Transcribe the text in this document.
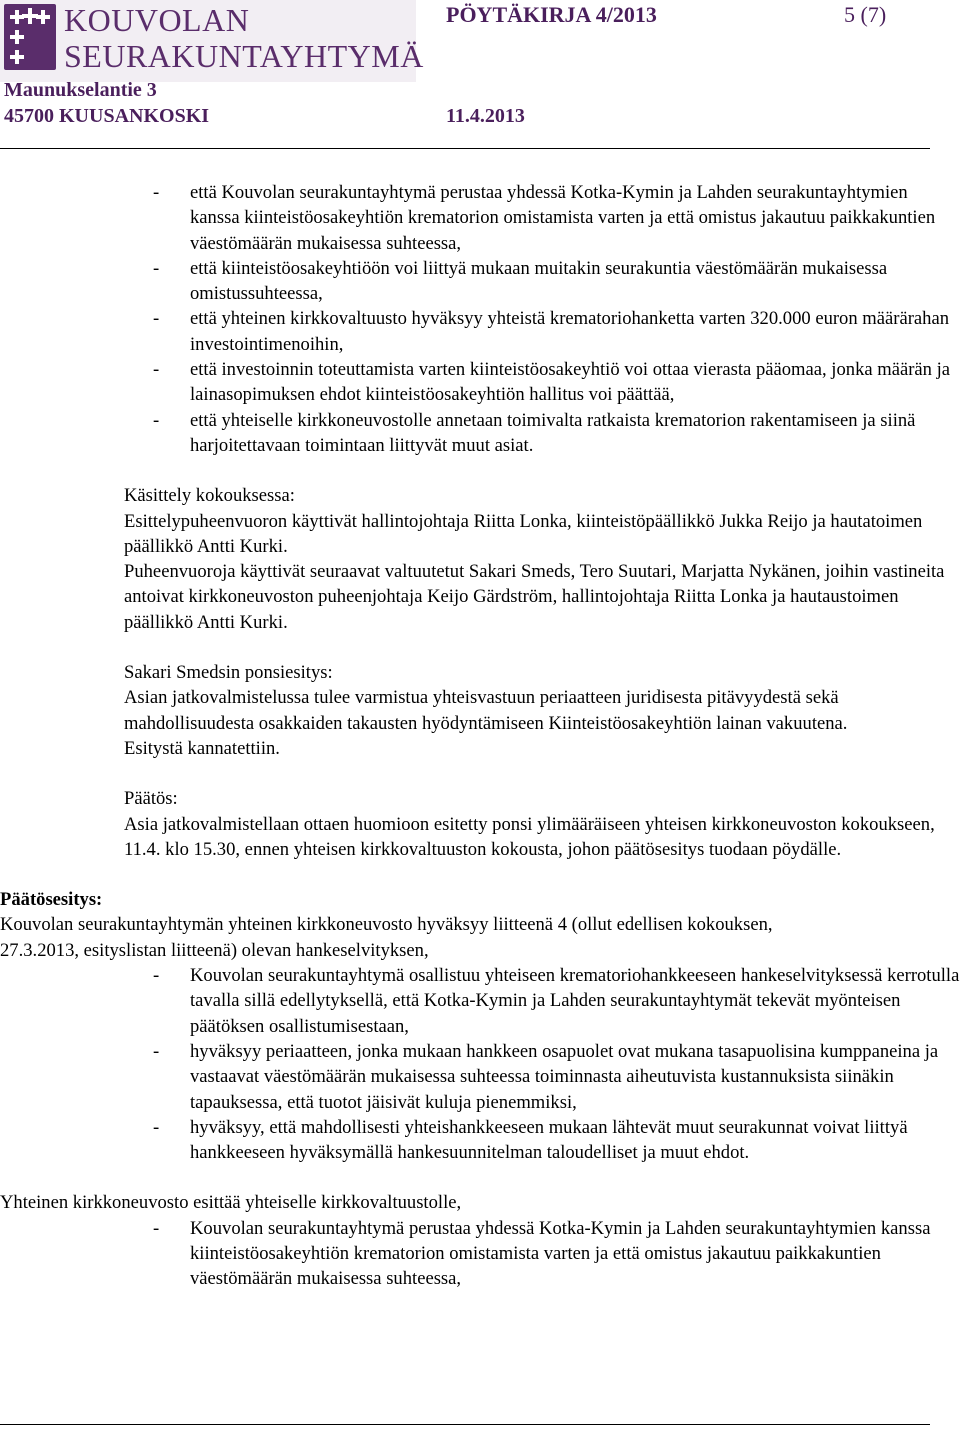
KOUVOLAN
SEURAKUNTAYHTYMÄ
Maunukselantie 3
45700 KUUSANKOSKI
PÖYTÄKIRJA 4/2013	5 (7)
11.4.2013

- että Kouvolan seurakuntayhtymä perustaa yhdessä Kotka-Kymin ja Lahden seurakuntayhtymien kanssa kiinteistöosakeyhtiön krematorion omistamista varten ja että omistus jakautuu paikkakuntien väestömäärän mukaisessa suhteessa,

- että kiinteistöosakeyhtiöön voi liittyä mukaan muitakin seurakuntia väestömäärän mukaisessa omistussuhteessa,

- että yhteinen kirkkovaltuusto hyväksyy yhteistä krematoriohanketta varten 320.000 euron määrärahan investointimenoihin,

- että investoinnin toteuttamista varten kiinteistöosakeyhtiö voi ottaa vierasta pääomaa, jonka määrän ja lainasopimuksen ehdot kiinteistöosakeyhtiön hallitus voi päättää,

- että yhteiselle kirkkoneuvostolle annetaan toimivalta ratkaista krematorion rakentamiseen ja siinä harjoitettavaan toimintaan liittyvät muut asiat.

Käsittely kokouksessa:

Esittelypuheenvuoron käyttivät hallintojohtaja Riitta Lonka, kiinteistöpäällikkö Jukka Reijo ja hautatoimen päällikkö Antti Kurki.

Puheenvuoroja käyttivät seuraavat valtuutetut Sakari Smeds, Tero Suutari, Marjatta Nykänen, joihin vastineita antoivat kirkkoneuvoston puheenjohtaja Keijo Gärdström, hallintojohtaja Riitta Lonka ja hautaustoimen päällikkö Antti Kurki.

Sakari Smedsin ponsiesitys:

Asian jatkovalmistelussa tulee varmistua yhteisvastuun periaatteen juridisesta pitävyydestä sekä mahdollisuudesta osakkaiden takausten hyödyntämiseen Kiinteistöosakeyhtiön lainan vakuutena.

Esitystä kannatettiin.

Päätös:

Asia jatkovalmistellaan ottaen huomioon esitetty ponsi ylimääräiseen yhteisen kirkkoneuvoston kokoukseen, 11.4. klo 15.30, ennen yhteisen kirkkovaltuuston kokousta, johon päätösesitys tuodaan pöydälle.

Päätösesitys:

Kouvolan seurakuntayhtymän yhteinen kirkkoneuvosto hyväksyy liitteenä 4 (ollut edellisen kokouksen, 27.3.2013, esityslistan liitteenä) olevan hankeselvityksen,

- Kouvolan seurakuntayhtymä osallistuu yhteiseen krematoriohankkeeseen hankeselvityksessä kerrotulla tavalla sillä edellytyksellä, että Kotka-Kymin ja Lahden seurakuntayhtymät tekevät myönteisen päätöksen osallistumisestaan,

- hyväksyy periaatteen, jonka mukaan hankkeen osapuolet ovat mukana tasapuolisina kumppaneina ja vastaavat väestömäärän mukaisessa suhteessa toiminnasta aiheutuvista kustannuksista siinäkin tapauksessa, että tuotot jäisivät kuluja pienemmiksi,

- hyväksyy, että mahdollisesti yhteishankkeeseen mukaan lähtevät muut seurakunnat voivat liittyä hankkeeseen hyväksymällä hankesuunnitelman taloudelliset ja muut ehdot.

Yhteinen kirkkoneuvosto esittää yhteiselle kirkkovaltuustolle,

- Kouvolan seurakuntayhtymä perustaa yhdessä Kotka-Kymin ja Lahden seurakuntayhtymien kanssa kiinteistöosakeyhtiön krematorion omistamista varten ja että omistus jakautuu paikkakuntien väestömäärän mukaisessa suhteessa,
